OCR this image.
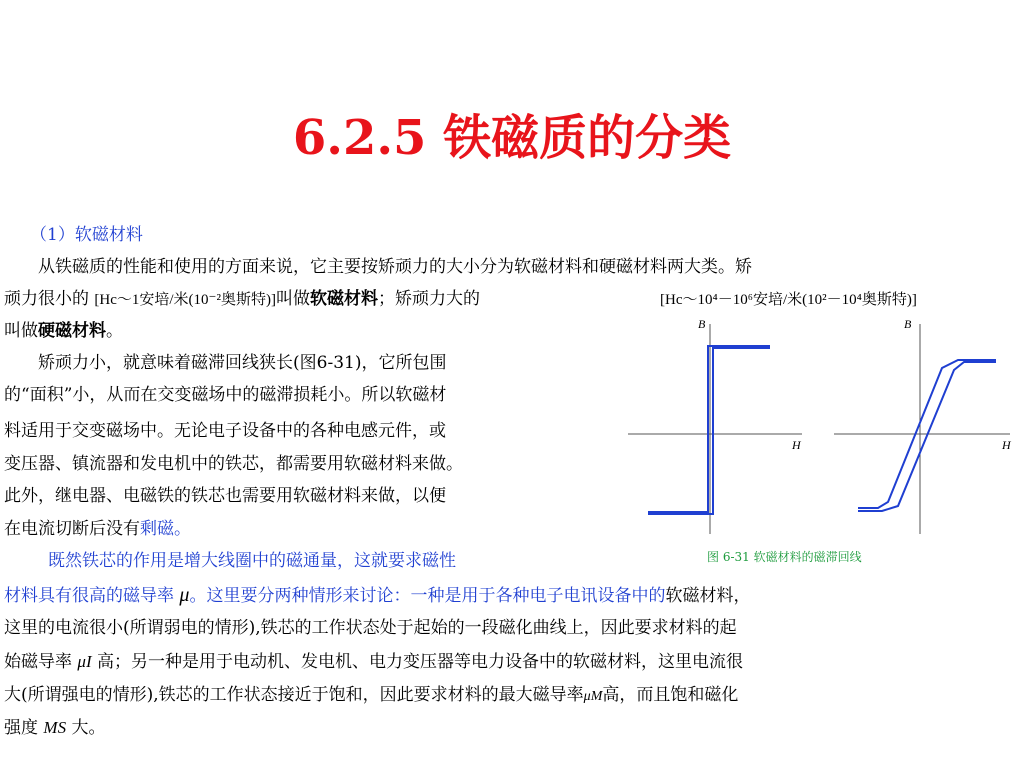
6.2.5 铁磁质的分类
（1）软磁材料
从铁磁质的性能和使用的方面来说，它主要按矫顽力的大小分为软磁材料和硬磁材料两大类。矫
顽力很小的 [Hc～1安培/米(10⁻²奥斯特)]叫做软磁材料；矫顽力大的	[Hc～10⁴－10⁶安培/米(10²－10⁴奥斯特)]
叫做硬磁材料。
矫顽力小，就意味着磁滞回线狭长(图6-31)，它所包围
的“面积”小，从而在交变磁场中的磁滞损耗小。所以软磁材
料适用于交变磁场中。无论电子设备中的各种电感元件，或
变压器、镇流器和发电机中的铁芯，都需要用软磁材料来做。
此外，继电器、电磁铁的铁芯也需要用软磁材料来做，以便
在电流切断后没有剩磁。
既然铁芯的作用是增大线圈中的磁通量，这就要求磁性
材料具有很高的磁导率 μ。这里要分两种情形来讨论：一种是用于各种电子电讯设备中的软磁材料，
这里的电流很小(所谓弱电的情形),铁芯的工作状态处于起始的一段磁化曲线上，因此要求材料的起
始磁导率 μI 高；另一种是用于电动机、发电机、电力变压器等电力设备中的软磁材料，这里电流很
大(所谓强电的情形),铁芯的工作状态接近于饱和，因此要求材料的最大磁导率μM高，而且饱和磁化
强度 MS 大。
B
H
B
H
图 6-31 软磁材料的磁滞回线
